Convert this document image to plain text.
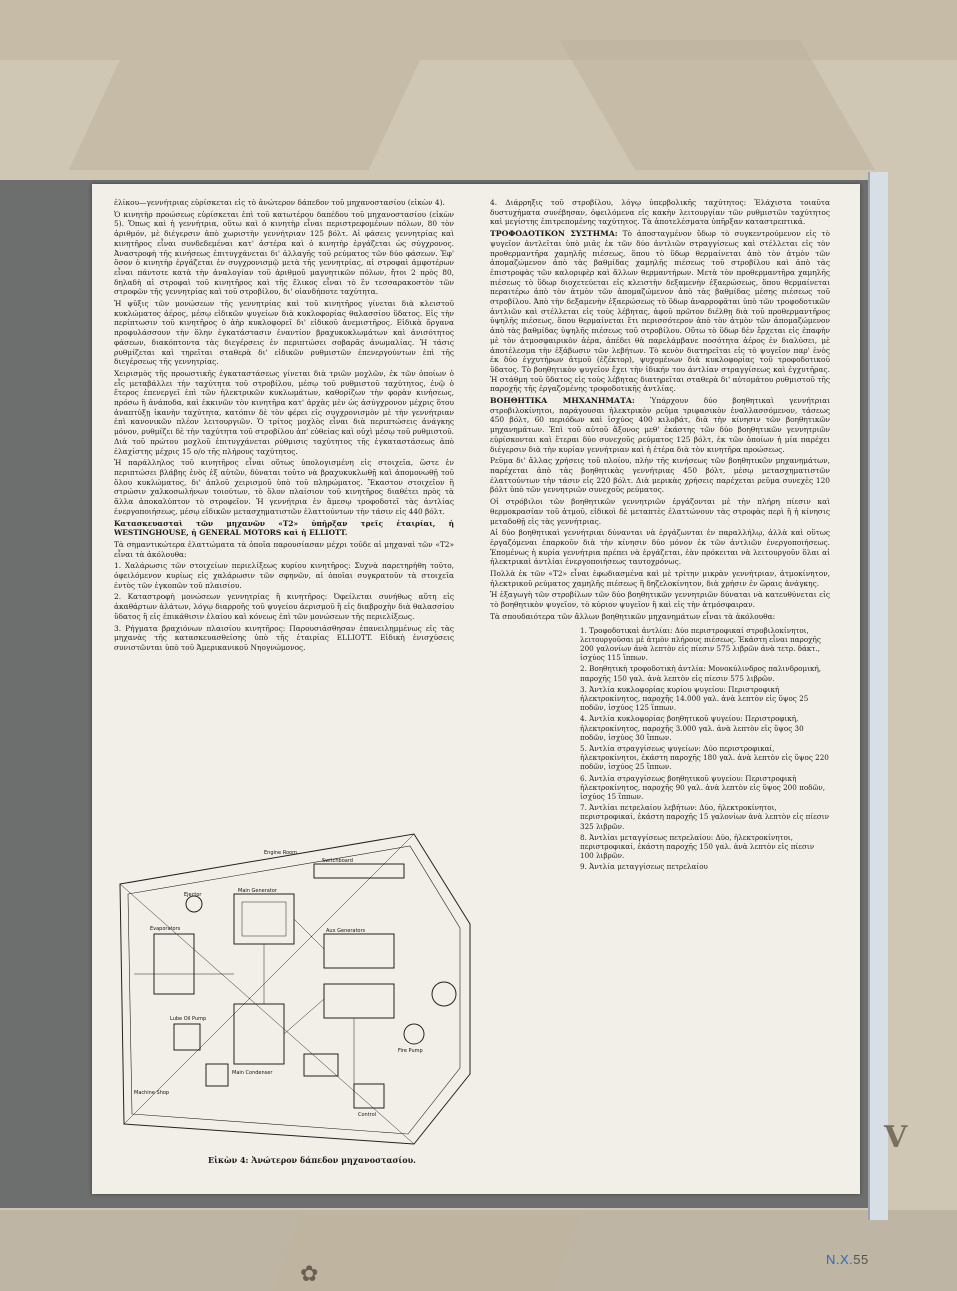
ἐλίκου—γεννήτριας εὑρίσκεται εἰς τὸ ἀνώτερον δάπεδον τοῦ μηχανοστασίου (εἰκὼν 4).

Ὁ κινητὴρ προώσεως εὑρίσκεται ἐπὶ τοῦ κατωτέρου δαπέδου τοῦ μηχανοστασίου (εἰκὼν 5). Ὅπως καὶ ἡ γεννήτρια, οὕτω καὶ ὁ κινητὴρ εἶναι περιστρεφομένων πόλων, 80 τὸν ἀριθμόν, μὲ διέγερσιν ἀπὸ χωριστὴν γεννήτριαν 125 βόλτ. Αἱ φάσεις γεννητρίας καὶ κινητῆρος εἶναι συνδεδεμέναι κατ' ἀστέρα καὶ ὁ κινητὴρ ἐργάζεται ὡς σύγχρονος. Ἀναστροφὴ τῆς κινήσεως ἐπιτυγχάνεται δι' ἀλλαγῆς τοῦ ρεύματος τῶν δύο φάσεων. Ἐφ' ὅσον ὁ κινητὴρ ἐργάζεται ἐν συγχρονισμῷ μετὰ τῆς γεννητρίας, αἱ στροφαὶ ἀμφοτέρων εἶναι πάντοτε κατὰ τὴν ἀναλογίαν τοῦ ἀριθμοῦ μαγνητικῶν πόλων, ἤτοι 2 πρὸς 80, δηλαδὴ αἱ στροφαὶ τοῦ κινητῆρος καὶ τῆς ἕλικος εἶναι τὸ ἓν τεσσαρακοστὸν τῶν στροφῶν τῆς γεννητρίας καὶ τοῦ στροβίλου, δι' οἱανδήποτε ταχύτητα.

Ἡ ψῦξις τῶν μονώσεων τῆς γεννητρίας καὶ τοῦ κινητῆρος γίνεται διὰ κλειστοῦ κυκλώματος ἀέρος, μέσῳ εἰδικῶν ψυγείων διὰ κυκλοφορίας θαλασσίου ὕδατος. Εἰς τὴν περίπτωσιν τοῦ κινητῆρος ὁ ἀὴρ κυκλοφορεῖ δι' εἰδικοῦ ἀνεμιστῆρος. Εἰδικὰ ὄργανα προφυλάσσουν τὴν ὅλην ἐγκατάστασιν ἐναντίον βραχυκυκλωμάτων καὶ ἀνισότητος φάσεων, διακόπτοντα τὰς διεγέρσεις ἐν περιπτώσει σοβαρᾶς ἀνωμαλίας. Ἡ τάσις ρυθμίζεται καὶ τηρεῖται σταθερὰ δι' εἰδικῶν ρυθμιστῶν ἐπενεργούντων ἐπὶ τῆς διεγέρσεως τῆς γεννητρίας.

Χειρισμὸς τῆς προωστικῆς ἐγκαταστάσεως γίνεται διὰ τριῶν μοχλῶν, ἐκ τῶν ὁποίων ὁ εἷς μεταβάλλει τὴν ταχύτητα τοῦ στροβίλου, μέσῳ τοῦ ρυθμιστοῦ ταχύτητος, ἐνῷ ὁ ἕτερος ἐπενεργεῖ ἐπὶ τῶν ἠλεκτρικῶν κυκλωμάτων, καθορίζων τὴν φορὰν κινήσεως, πρόσω ἢ ἀνάποδα, καὶ ἐκκινῶν τὸν κινητῆρα κατ' ἀρχὰς μὲν ὡς ἀσύγχρονον μέχρις ὅτου ἀναπτύξῃ ἱκανὴν ταχύτητα, κατόπιν δὲ τὸν φέρει εἰς συγχρονισμὸν μὲ τὴν γεννήτριαν ἐπὶ κανονικῶν πλέον λειτουργιῶν. Ὁ τρίτος μοχλὸς εἶναι διὰ περιπτώσεις ἀνάγκης μόνον, ρυθμίζει δὲ τὴν ταχύτητα τοῦ στροβίλου ἀπ' εὐθείας καὶ οὐχὶ μέσῳ τοῦ ρυθμιστοῦ. Διὰ τοῦ πρώτου μοχλοῦ ἐπιτυγχάνεται ρύθμισις ταχύτητος τῆς ἐγκαταστάσεως ἀπὸ ἐλαχίστης μέχρις 15 ο/ο τῆς πλήρους ταχύτητος.

Ἡ παράλληλος τοῦ κινητῆρος εἶναι οὕτως ὑπολογισμένη εἰς στοιχεῖα, ὥστε ἐν περιπτώσει βλάβης ἑνὸς ἐξ αὐτῶν, δύναται τοῦτο νὰ βραχυκυκλωθῇ καὶ ἀπομονωθῇ τοῦ ὅλου κυκλώματος, δι' ἀπλοῦ χειρισμοῦ ὑπὸ τοῦ πληρώματος. Ἔκαστον στοιχεῖον ἢ στρώσιν χαλκοσωλήνων τοιούτων, τὸ ὅλον πλαίσιον τοῦ κινητῆρος διαθέτει πρὸς τὰ ἄλλα ἀποκαλύπτον τὸ στροφεῖον. Ἡ γεννήτρια ἐν ἄμεσῳ τροφοδοτεῖ τὰς ἀντλίας ἐνεργοποιήσεως, μέσῳ εἰδικῶν μετασχηματιστῶν ἐλαττούντων τὴν τάσιν εἰς 440 βόλτ.

Κατασκευασταὶ τῶν μηχανῶν «Τ2» ὑπῆρξαν τρεῖς ἑταιρίαι, ἡ WESTINGHOUSE, ἡ GENERAL MOTORS καὶ ἡ ELLIOTT.

Τὰ σημαντικώτερα ἐλαττώματα τὰ ὁποῖα παρουσίασαν μέχρι τοῦδε αἱ μηχαναὶ τῶν «Τ2» εἶναι τὰ ἀκόλουθα:

1. Χαλάρωσις τῶν στοιχείων περιελίξεως κυρίου κινητῆρος: Συχνὰ παρετηρήθη τοῦτο, ὀφειλόμενον κυρίως εἰς χαλάρωσιν τῶν σφηνῶν, αἱ ὁποῖαι συγκρατοῦν τὰ στοιχεῖα ἐντὸς τῶν ἐγκοπῶν τοῦ πλαισίου.

2. Καταστροφὴ μονώσεων γεννητρίας ἢ κινητῆρος: Ὀφείλεται συνήθως αὕτη εἰς ἀκαθάρτων ἀλάτων, λόγῳ διαρροῆς τοῦ ψυγείου ἀερισμοῦ ἢ εἰς διαβροχὴν διὰ θαλασσίου ὕδατος ἢ εἰς ἐπικάθισιν ἐλαίου καὶ κόνεως ἐπὶ τῶν μονώσεων τῆς περιελίξεως.

3. Ρήγματα βραχιόνων πλαισίου κινητῆρος: Παρουσιάσθησαν ἐπανειλημμένως εἰς τὰς μηχανὰς τῆς κατασκευασθείσης ὑπὸ τῆς ἑταιρίας ELLIOTT. Εἰδικὴ ἐνισχύσεις συνιστῶνται ὑπὸ τοῦ Ἀμερικανικοῦ Νηογνώμονος.

Engine Room
Main Generator
Aux Generators
Switchboard
Evaporators
Fire Pump
Machine Shop
Lube Oil Pump
Ejector
Main Condenser
Control
Εἰκὼν 4: Ἀνώτερον δάπεδον μηχανοστασίου.

4. Διάρρηξις τοῦ στροβίλου, λόγῳ ὑπερβολικῆς ταχύτητος: Ἐλάχιστα τοιαῦτα δυστυχήματα συνέβησαν, ὀφειλόμενα εἰς κακὴν λειτουργίαν τῶν ρυθμιστῶν ταχύτητος καὶ μεγίστης ἐπιτρεπομένης ταχύτητος. Τὰ ἀποτελέσματα ὑπῆρξαν καταστρεπτικά.

ΤΡΟΦΟΔΟΤΙΚΟΝ ΣΥΣΤΗΜΑ: Τὸ ἀποσταγμένον ὕδωρ τὸ συγκεντρούμενον εἰς τὸ ψυγεῖον ἀντλεῖται ὑπὸ μιᾶς ἐκ τῶν δύο ἀντλιῶν στραγγίσεως καὶ στέλλεται εἰς τὸν προθερμαντῆρα χαμηλῆς πιέσεως, ὅπου τὸ ὕδωρ θερμαίνεται ἀπὸ τὸν ἀτμὸν τῶν ἀπομαζώμενον ἀπὸ τὰς βαθμίδας χαμηλῆς πιέσεως τοῦ στροβίλου καὶ ἀπὸ τὰς ἐπιστροφὰς τῶν καλοριφὲρ καὶ ἄλλων θερμαντήρων. Μετὰ τὸν προθερμαντῆρα χαμηλῆς πιέσεως τὸ ὕδωρ διοχετεύεται εἰς κλειστὴν δεξαμενὴν ἐξαερώσεως, ὅπου θερμαίνεται περαιτέρω ἀπὸ τὸν ἀτμὸν τῶν ἀπομαζώμενον ἀπὸ τὰς βαθμίδας μέσης πιέσεως τοῦ στροβίλου. Ἀπὸ τὴν δεξαμενὴν ἐξαερώσεως τὸ ὕδωρ ἀναρροφᾶται ὑπὸ τῶν τροφοδοτικῶν ἀντλιῶν καὶ στέλλεται εἰς τοὺς λέβητας, ἀφοῦ πρῶτον διέλθῃ διὰ τοῦ προθερμαντῆρος ὑψηλῆς πιέσεως, ὅπου θερμαίνεται ἔτι περισσότερον ἀπὸ τὸν ἀτμὸν τῶν ἀπομαζώμενον ἀπὸ τὰς βαθμίδας ὑψηλῆς πιέσεως τοῦ στροβίλου. Οὕτω τὸ ὕδωρ δὲν ἔρχεται εἰς ἐπαφὴν μὲ τὸν ἀτμοσφαιρικὸν ἀέρα, ἀπέδει θὰ παρελάμβανε ποσότητα ἀέρος ἐν διαλύσει, μὲ ἀποτέλεσμα τὴν ἐξάβωσιν τῶν λεβήτων. Τὸ κενὸν διατηρεῖται εἰς τὸ ψυγεῖον παρ' ἑνὸς ἐκ δύο ἐγχυτήρων ἀτμοῦ (ἐζέκτορ), ψυχομένων διὰ κυκλοφορίας τοῦ τροφοδοτικοῦ ὕδατος. Τὸ βοηθητικὸν ψυγεῖον ἔχει τὴν ἰδικήν του ἀντλίαν στραγγίσεως καὶ ἐγχυτῆρας. Ἡ στάθμη τοῦ ὕδατος εἰς τοὺς λέβητας διατηρεῖται σταθερὰ δι' αὐτομάτου ρυθμιστοῦ τῆς παροχῆς τῆς ἐργαζομένης τροφοδοτικῆς ἀντλίας.

ΒΟΗΘΗΤΙΚΑ ΜΗΧΑΝΗΜΑΤΑ: Ὑπάρχουν δύο βοηθητικαὶ γεννήτριαι στροβιλοκίνητοι, παράγουσαι ἠλεκτρικὸν ρεῦμα τριφασικὸν ἐναλλασσόμενον, τάσεως 450 βόλτ, 60 περιόδων καὶ ἰσχύος 400 κιλοβάτ, διὰ τὴν κίνησιν τῶν βοηθητικῶν μηχανημάτων. Ἐπὶ τοῦ αὐτοῦ ἄξονος μεθ' ἑκάστης τῶν δύο βοηθητικῶν γεννητριῶν εὑρίσκονται καὶ ἕτεραι δύο συνεχοῦς ρεύματος 125 βόλτ, ἐκ τῶν ὁποίων ἡ μία παρέχει διέγερσιν διὰ τὴν κυρίαν γεννήτριαν καὶ ἡ ἑτέρα διὰ τὸν κινητῆρα προώσεως.

Ρεῦμα δι' ἄλλας χρήσεις τοῦ πλοίου, πλὴν τῆς κινήσεως τῶν βοηθητικῶν μηχανημάτων, παρέχεται ἀπὸ τὰς βοηθητικὰς γεννήτριας 450 βόλτ, μέσῳ μετασχηματιστῶν ἐλαττούντων τὴν τάσιν εἰς 220 βόλτ. Διὰ μερικὰς χρήσεις παρέχεται ρεῦμα συνεχὲς 120 βόλτ ὑπὸ τῶν γεννητριῶν συνεχοῦς ρεύματος.

Οἱ στρόβιλοι τῶν βοηθητικῶν γεννητριῶν ἐργάζονται μὲ τὴν πλήρη πίεσιν καὶ θερμοκρασίαν τοῦ ἀτμοῦ, εἰδικοὶ δὲ μεταπτὲς ἐλαττώνουν τὰς στροφὰς περὶ ἢ ἡ κίνησις μεταδοθῇ εἰς τὰς γεννήτριας.

Αἱ δύο βοηθητικαὶ γεννήτριαι δύνανται νὰ ἐργάζωνται ἐν παραλλήλῳ, ἀλλὰ καὶ οὕτως ἐργαζόμεναι ἐπαρκοῦν διὰ τὴν κίνησιν δύο μόνον ἐκ τῶν ἀντλιῶν ἐνεργοποιήσεως. Ἐπομένως ἡ κυρία γεννήτρια πρέπει νὰ ἐργάζεται, ἐὰν πρόκειται νὰ λειτουργοῦν ὅλαι αἱ ἠλεκτρικαὶ ἀντλίαι ἐνεργοποιήσεως ταυτοχρόνως.

Πολλὰ ἐκ τῶν «Τ2» εἶναι ἐφωδιασμένα καὶ μὲ τρίτην μικρὰν γεννήτριαν, ἀτμοκίνητον, ἠλεκτρικοῦ ρεύματος χαμηλῆς πιέσεως ἢ δηζελοκίνητον, διὰ χρήσιν ἐν ὥραις ἀνάγκης.

Ἡ ἐξαγωγὴ τῶν στροβίλων τῶν δύο βοηθητικῶν γεννητριῶν δύναται νὰ κατευθύνεται εἰς τὸ βοηθητικὸν ψυγεῖον, τὸ κύριον ψυγεῖον ἢ καὶ εἰς τὴν ἀτμόσφαιραν.

Τὰ σπουδαιότερα τῶν ἄλλων βοηθητικῶν μηχανημάτων εἶναι τὰ ἀκόλουθα:

1. Τροφοδοτικαὶ ἀντλίαι: Δύο περιστροφικαί στροβιλοκίνητοι, λειτουργοῦσαι μὲ ἀτμὸν πλήρους πιέσεως. Ἑκάστη εἶναι παροχῆς 200 γαλονίων ἀνὰ λεπτὸν εἰς πίεσιν 575 λιβρῶν ἀνὰ τετρ. δάκτ., ἰσχύος 115 ἵππων.

2. Βοηθητικὴ τροφοδοτικὴ ἀντλία: Μονοκύλινδρος παλινδρομική, παροχῆς 150 γαλ. ἀνὰ λεπτὸν εἰς πίεσιν 575 λιβρῶν.

3. Ἀντλία κυκλοφορίας κυρίου ψυγείου: Περιστροφική ἠλεκτροκίνητος, παροχῆς 14.000 γαλ. ἀνὰ λεπτὸν εἰς ὕψος 25 ποδῶν, ἰσχύος 125 ἵππων.

4. Ἀντλία κυκλοφορίας βοηθητικοῦ ψυγείου: Περιστροφική, ἠλεκτροκίνητος, παροχῆς 3.000 γαλ. ἀνὰ λεπτὸν εἰς ὕψος 30 ποδῶν, ἰσχύος 30 ἵππων.

5. Ἀντλία στραγγίσεως ψυγείων: Δύο περιστροφικαί, ἠλεκτροκίνητοι, ἑκάστη παροχῆς 180 γαλ. ἀνὰ λεπτὸν εἰς ὕψος 220 ποδῶν, ἰσχύος 25 ἵππων.

6. Ἀντλία στραγγίσεως βοηθητικοῦ ψυγείου: Περιστροφικὴ ἠλεκτροκίνητος, παροχῆς 90 γαλ. ἀνὰ λεπτὸν εἰς ὕψος 200 ποδῶν, ἰσχύος 15 ἵππων.

7. Ἀντλίαι πετρελαίου λεβήτων: Δύο, ἠλεκτροκίνητοι, περιστροφικαί, ἑκάστη παροχῆς 15 γαλονίων ἀνὰ λεπτὸν εἰς πίεσιν 325 λιβρῶν.

8. Ἀντλίαι μεταγγίσεως πετρελαίου: Δύο, ἠλεκτροκίνητοι, περιστροφικαί, ἑκάστη παροχῆς 150 γαλ. ἀνὰ λεπτὸν εἰς πίεσιν 100 λιβρῶν.

9. Ἀντλία μεταγγίσεως πετρελαίου

N.X.55
✿
V
